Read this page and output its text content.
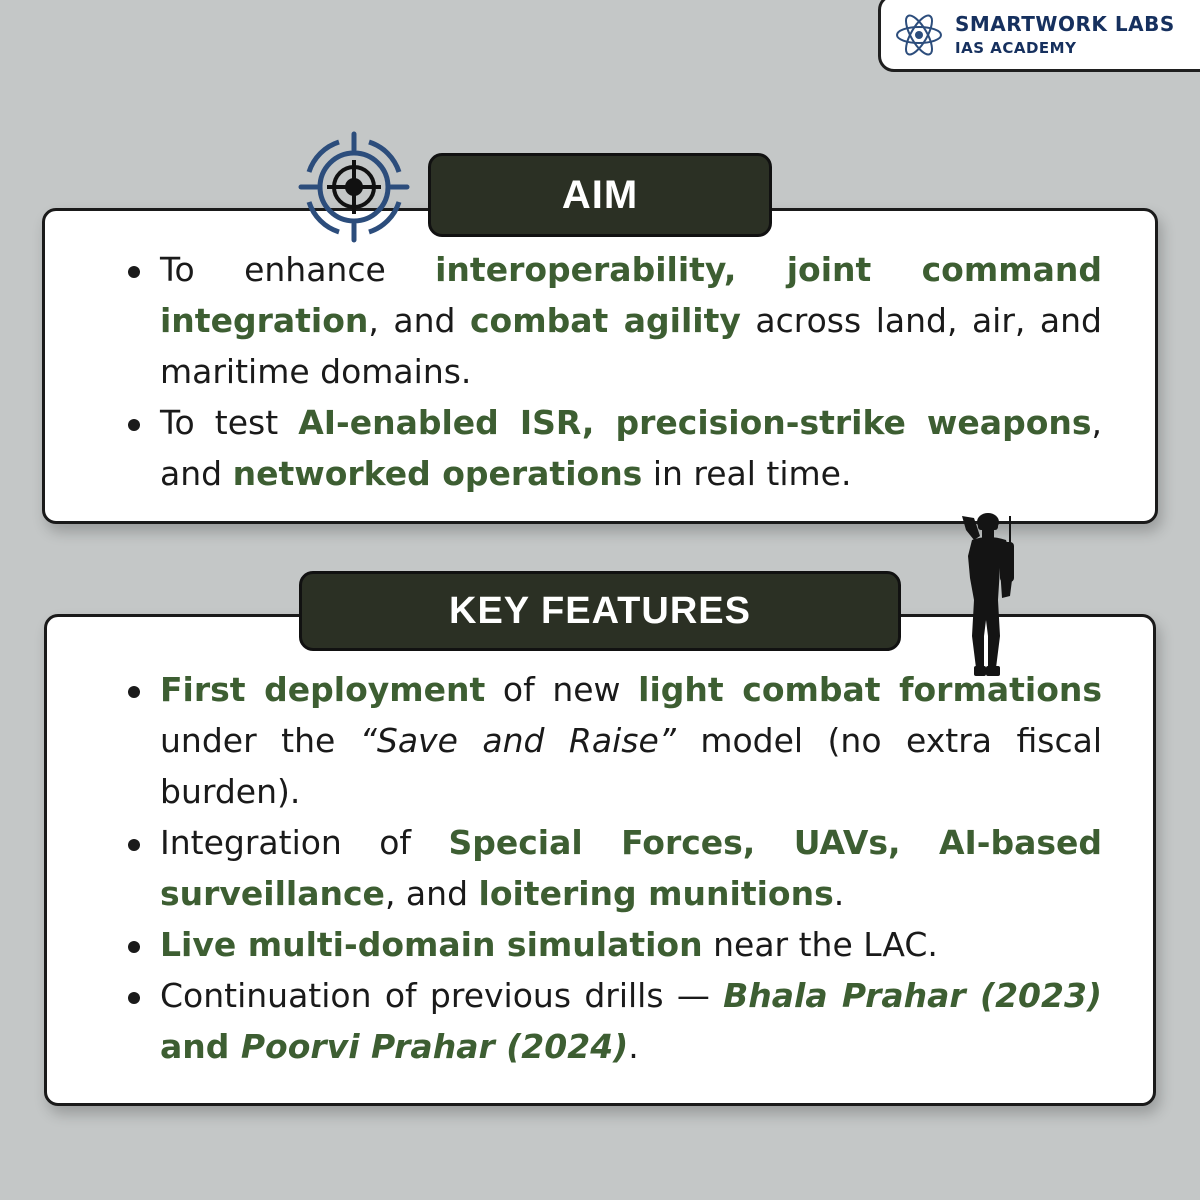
SMARTWORK LABS
IAS ACADEMY
AIM
To enhance interoperability, joint command integration, and combat agility across land, air, and maritime domains.
To test AI-enabled ISR, precision-strike weapons, and networked operations in real time.
KEY FEATURES
First deployment of new light combat formations under the “Save and Raise” model (no extra fiscal burden).
Integration of Special Forces, UAVs, AI-based surveillance, and loitering munitions.
Live multi-domain simulation near the LAC.
Continuation of previous drills — Bhala Prahar (2023) and Poorvi Prahar (2024).
